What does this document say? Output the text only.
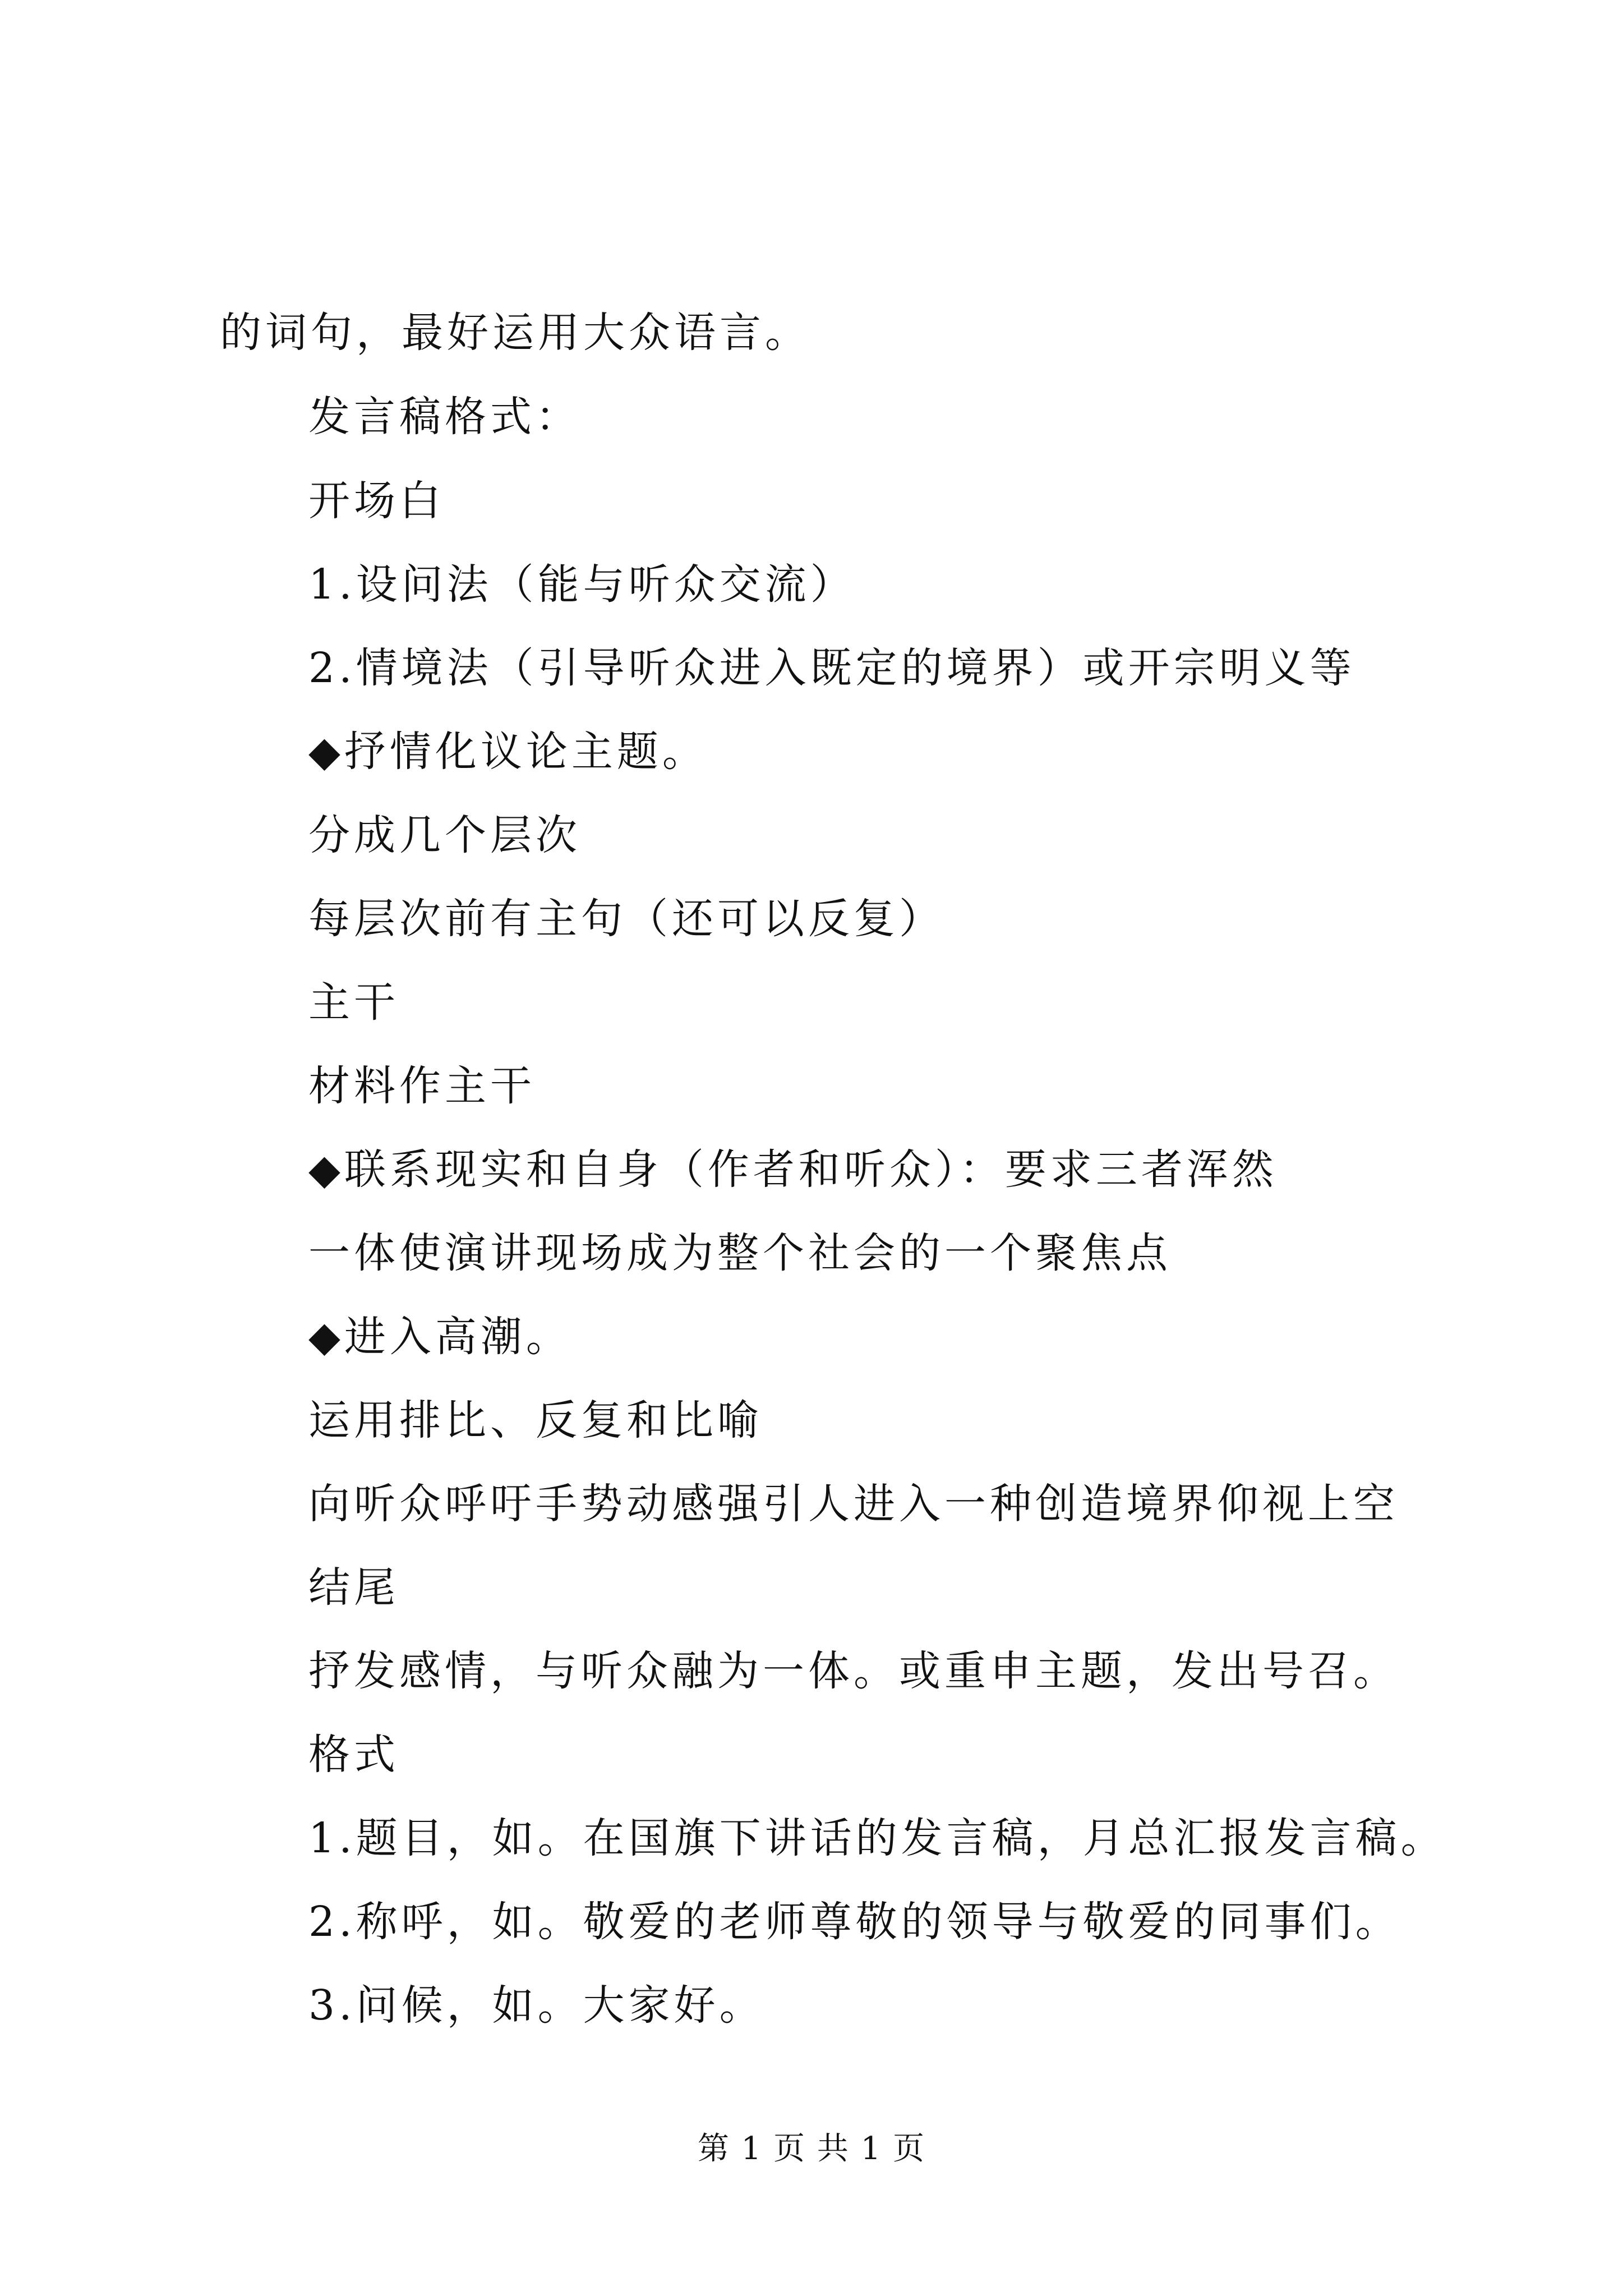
的词句，最好运用大众语言。
发言稿格式：
开场白
1.设问法（能与听众交流）
2.情境法（引导听众进入既定的境界）或开宗明义等
◆抒情化议论主题。
分成几个层次
每层次前有主句（还可以反复）
主干
材料作主干
◆联系现实和自身（作者和听众）：要求三者浑然
一体使演讲现场成为整个社会的一个聚焦点
◆进入高潮。
运用排比、反复和比喻
向听众呼吁手势动感强引人进入一种创造境界仰视上空
结尾
抒发感情，与听众融为一体。或重申主题，发出号召。
格式
1.题目，如。在国旗下讲话的发言稿，月总汇报发言稿。
2.称呼，如。敬爱的老师尊敬的领导与敬爱的同事们。
3.问候，如。大家好。
第 1 页 共 1 页
